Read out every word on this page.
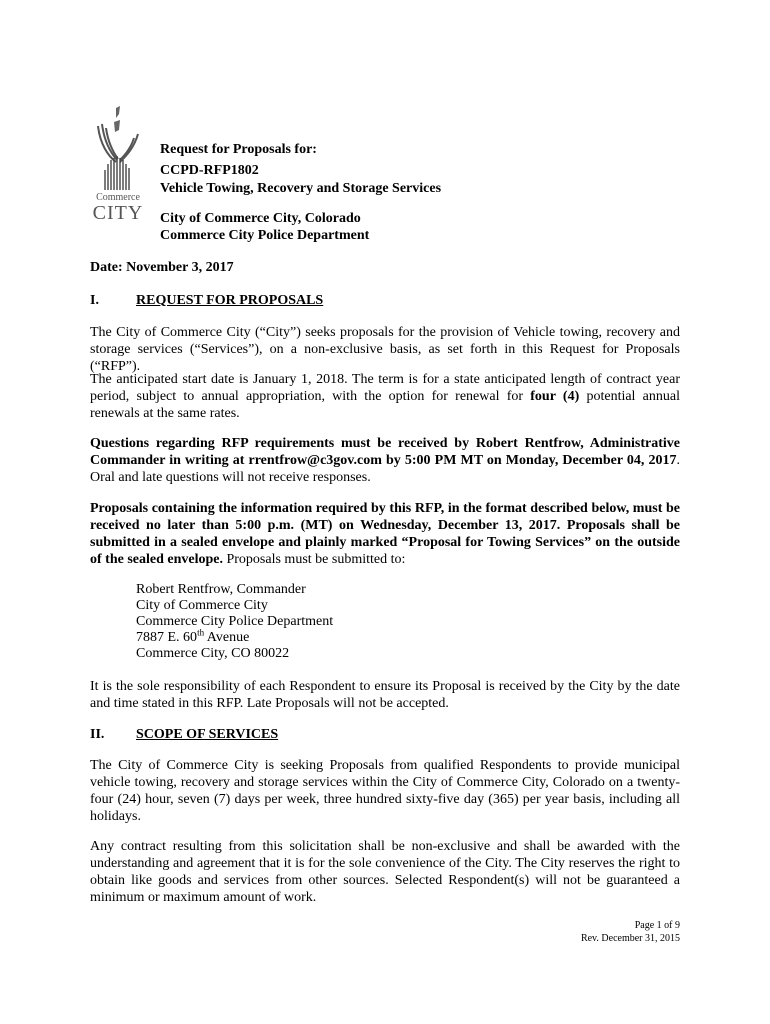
Commerce
CITY
Request for Proposals for:
CCPD-RFP1802
Vehicle Towing, Recovery and Storage Services
City of Commerce City, Colorado
Commerce City Police Department
Date: November 3, 2017
I.	REQUEST FOR PROPOSALS
The City of Commerce City (“City”) seeks proposals for the provision of Vehicle towing, recovery and storage services (“Services”), on a non-exclusive basis, as set forth in this Request for Proposals (“RFP”).
The anticipated start date is January 1, 2018. The term is for a state anticipated length of contract year period, subject to annual appropriation, with the option for renewal for four (4) potential annual renewals at the same rates.
Questions regarding RFP requirements must be received by Robert Rentfrow, Administrative Commander in writing at rrentfrow@c3gov.com by 5:00 PM MT on Monday, December 04, 2017. Oral and late questions will not receive responses.
Proposals containing the information required by this RFP, in the format described below, must be received no later than 5:00 p.m. (MT) on Wednesday, December 13, 2017. Proposals shall be submitted in a sealed envelope and plainly marked “Proposal for Towing Services” on the outside of the sealed envelope. Proposals must be submitted to:
Robert Rentfrow, Commander
City of Commerce City
Commerce City Police Department
7887 E. 60th Avenue
Commerce City, CO 80022
It is the sole responsibility of each Respondent to ensure its Proposal is received by the City by the date and time stated in this RFP. Late Proposals will not be accepted.
II. SCOPE OF SERVICES
The City of Commerce City is seeking Proposals from qualified Respondents to provide municipal vehicle towing, recovery and storage services within the City of Commerce City, Colorado on a twenty-four (24) hour, seven (7) days per week, three hundred sixty-five day (365) per year basis, including all holidays.
Any contract resulting from this solicitation shall be non-exclusive and shall be awarded with the understanding and agreement that it is for the sole convenience of the City. The City reserves the right to obtain like goods and services from other sources. Selected Respondent(s) will not be guaranteed a minimum or maximum amount of work.
Page 1 of 9
Rev. December 31, 2015
